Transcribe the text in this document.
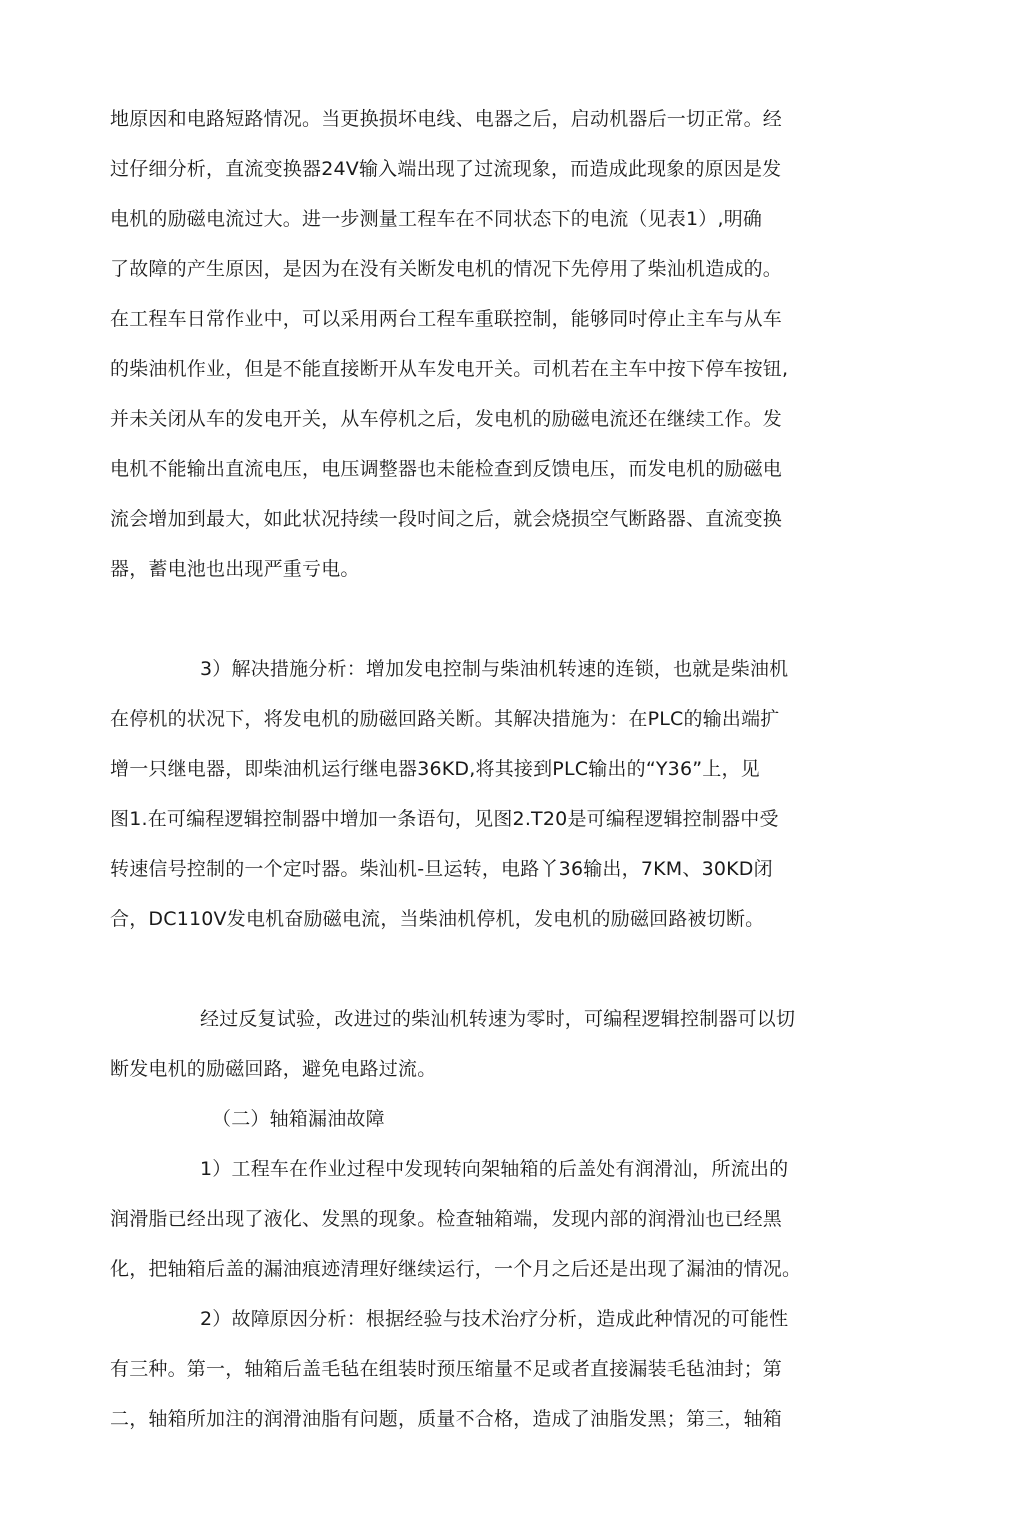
地原因和电路短路情况。当更换损坏电线、电器之后，启动机器后一切正常。经
过仔细分析，直流变换器24V输入端出现了过流现象，而造成此现象的原因是发
电机的励磁电流过大。进一步测量工程车在不同状态下的电流（见表1）,明确
了故障的产生原因，是因为在没有关断发电机的情况下先停用了柴汕机造成的。
在工程车日常作业中，可以采用两台工程车重联控制，能够同吋停止主车与从车
的柴油机作业，但是不能直接断开从车发电开关。司机若在主车中按下停车按钮,
并未关闭从车的发电开关，从车停机之后，发电机的励磁电流还在继续工作。发
电机不能输出直流电压，电压调整器也未能检查到反馈电压，而发电机的励磁电
流会增加到最大，如此状况持续一段吋间之后，就会烧损空气断路器、直流变换
器，蓄电池也出现严重亏电。
3）解决措施分析：增加发电控制与柴油机转速的连锁，也就是柴油机
在停机的状况下，将发电机的励磁回路关断。其解决措施为：在PLC的输出端扩
增一只继电器，即柴油机运行继电器36KD,将其接到PLC输出的“Y36”上，见
图1.在可编程逻辑控制器中增加一条语句，见图2.T20是可编程逻辑控制器中受
转速信号控制的一个定吋器。柴汕机-旦运转，电路丫36输出，7KM、30KD闭
合，DC110V发电机奋励磁电流，当柴油机停机，发电机的励磁回路被切断。
经过反复试验，改进过的柴汕机转速为零时，可编程逻辑控制器可以切
断发电机的励磁回路，避免电路过流。
（二）轴箱漏油故障
1）工程车在作业过程中发现转向架轴箱的后盖处有润滑汕，所流出的
润滑脂已经出现了液化、发黑的现象。检查轴箱端，发现内部的润滑汕也已经黑
化，把轴箱后盖的漏油痕迹清理好继续运行，一个月之后还是出现了漏油的情况。
2）故障原因分析：根据经验与技术治疗分析，造成此种情况的可能性
有三种。第一，轴箱后盖毛毡在组装时预压缩量不足或者直接漏装毛毡油封；第
二，轴箱所加注的润滑油脂有问题，质量不合格，造成了油脂发黑；第三，轴箱
